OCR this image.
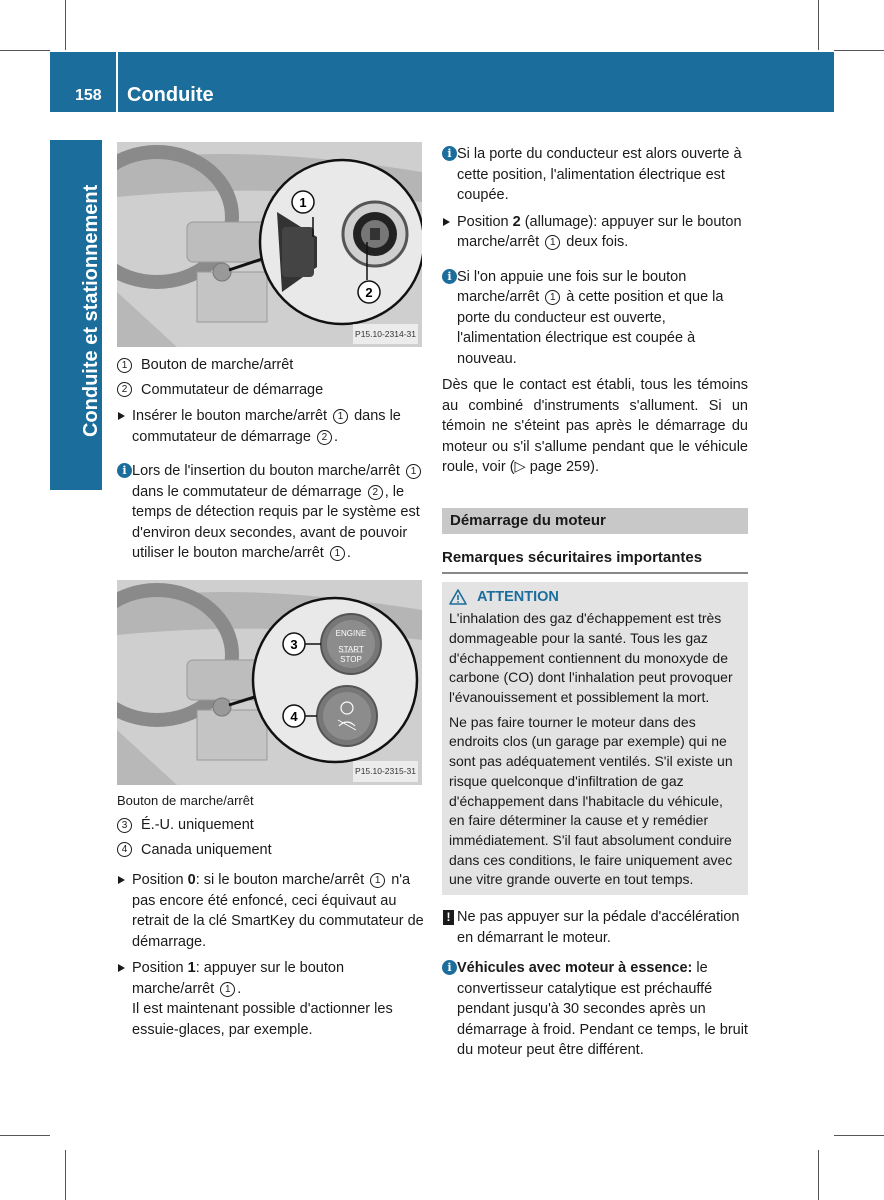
158 Conduite
Conduite et stationnement	1
2
P15.10-2314-31
1 Bouton de marche/arrêt
2 Commutateur de démarrage
Insérer le bouton marche/arrêt 1 dans le commutateur de démarrage 2 .
i Lors de l'insertion du bouton marche/arrêt 1 dans le commutateur de démarrage 2 , le temps de détection requis par le système est d'environ deux secondes, avant de pouvoir utiliser le bouton marche/arrêt 1 .
ENGINE
START
STOP
3
4
P15.10-2315-31
Bouton de marche/arrêt
3 É.-U. uniquement
4 Canada uniquement
Position 0: si le bouton marche/arrêt 1 n'a pas encore été enfoncé, ceci équivaut au retrait de la clé SmartKey du commutateur de démarrage.
Position 1: appuyer sur le bouton marche/arrêt 1 .
Il est maintenant possible d'actionner les essuie-glaces, par exemple.
i Si la porte du conducteur est alors ouverte à cette position, l'alimentation électrique est coupée.
Position 2 (allumage): appuyer sur le bouton marche/arrêt 1 deux fois.
i Si l'on appuie une fois sur le bouton marche/arrêt 1 à cette position et que la porte du conducteur est ouverte, l'alimentation électrique est coupée à nouveau.
Dès que le contact est établi, tous les témoins au combiné d'instruments s'allument. Si un témoin ne s'éteint pas après le démarrage du moteur ou s'il s'allume pendant que le véhicule roule, voir (▷ page 259).
Démarrage du moteur
Remarques sécuritaires importantes
ATTENTION
L'inhalation des gaz d'échappement est très dommageable pour la santé. Tous les gaz d'échappement contiennent du monoxyde de carbone (CO) dont l'inhalation peut provoquer l'évanouissement et possiblement la mort.
Ne pas faire tourner le moteur dans des endroits clos (un garage par exemple) qui ne sont pas adéquatement ventilés. S'il existe un risque quelconque d'infiltration de gaz d'échappement dans l'habitacle du véhicule, en faire déterminer la cause et y remédier immédiatement. S'il faut absolument conduire dans ces conditions, le faire uniquement avec une vitre grande ouverte en tout temps.
! Ne pas appuyer sur la pédale d'accélération en démarrant le moteur.
i Véhicules avec moteur à essence: le convertisseur catalytique est préchauffé pendant jusqu'à 30 secondes après un démarrage à froid. Pendant ce temps, le bruit du moteur peut être différent.
